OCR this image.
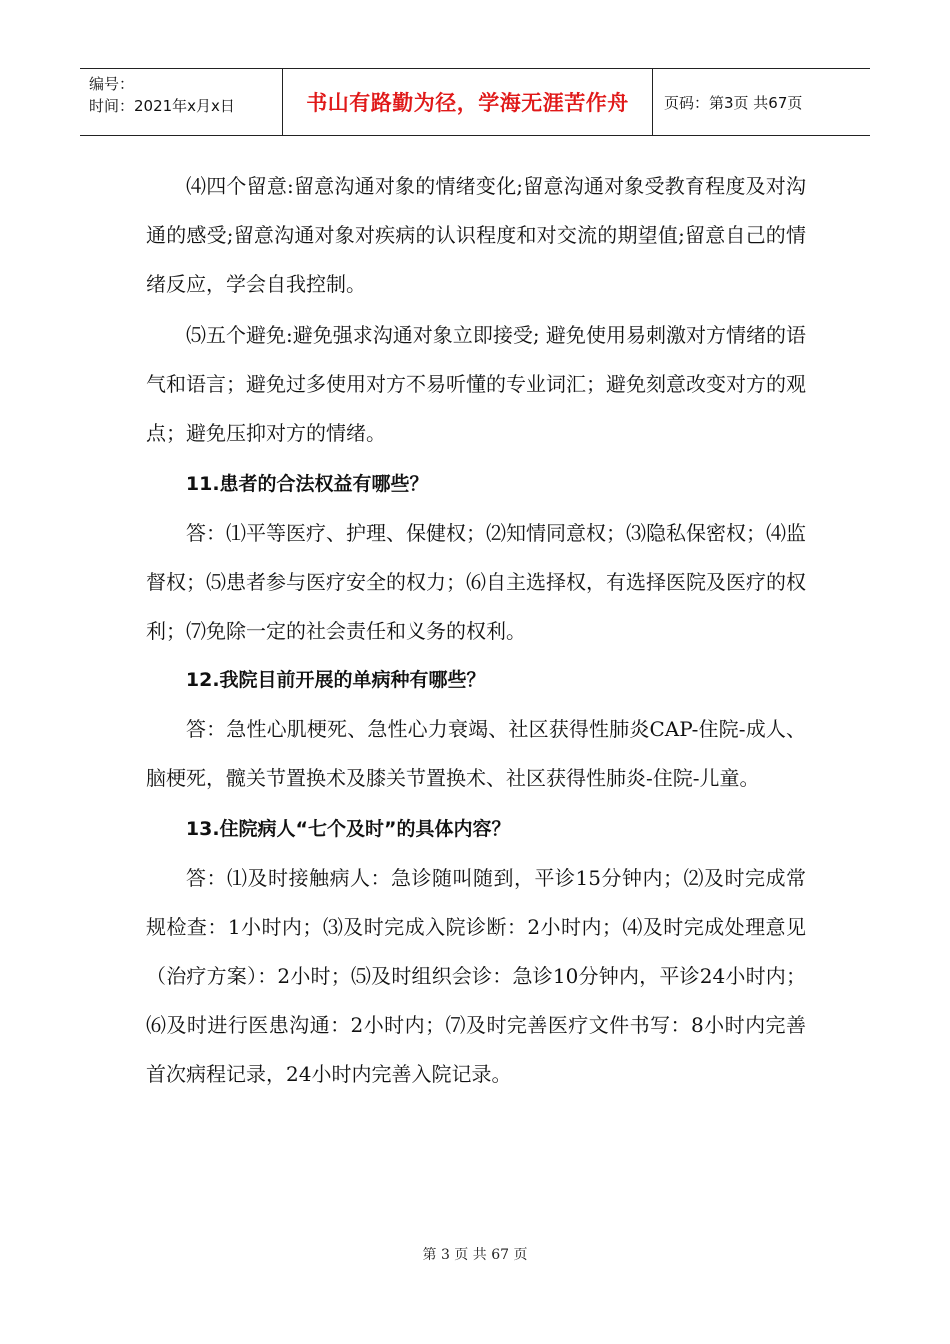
编号：
时间：2021年x月x日	书山有路勤为径，学海无涯苦作舟 页码：第3页 共67页

⑷四个留意:留意沟通对象的情绪变化;留意沟通对象受教育程度及对沟通的感受;留意沟通对象对疾病的认识程度和对交流的期望值;留意自己的情绪反应，学会自我控制。

⑸五个避免:避免强求沟通对象立即接受; 避免使用易刺激对方情绪的语气和语言；避免过多使用对方不易听懂的专业词汇；避免刻意改变对方的观点；避免压抑对方的情绪。

11.患者的合法权益有哪些？

答：⑴平等医疗、护理、保健权；⑵知情同意权；⑶隐私保密权；⑷监督权；⑸患者参与医疗安全的权力；⑹自主选择权，有选择医院及医疗的权利；⑺免除一定的社会责任和义务的权利。

12.我院目前开展的单病种有哪些？

答：急性心肌梗死、急性心力衰竭、社区获得性肺炎CAP-住院-成人、脑梗死，髋关节置换术及膝关节置换术、社区获得性肺炎-住院-儿童。

13.住院病人“七个及时”的具体内容？

答：⑴及时接触病人：急诊随叫随到，平诊15分钟内；⑵及时完成常规检查：1小时内；⑶及时完成入院诊断：2小时内；⑷及时完成处理意见（治疗方案）：2小时；⑸及时组织会诊：急诊10分钟内，平诊24小时内；⑹及时进行医患沟通：2小时内；⑺及时完善医疗文件书写：8小时内完善首次病程记录，24小时内完善入院记录。

第 3 页 共 67 页
